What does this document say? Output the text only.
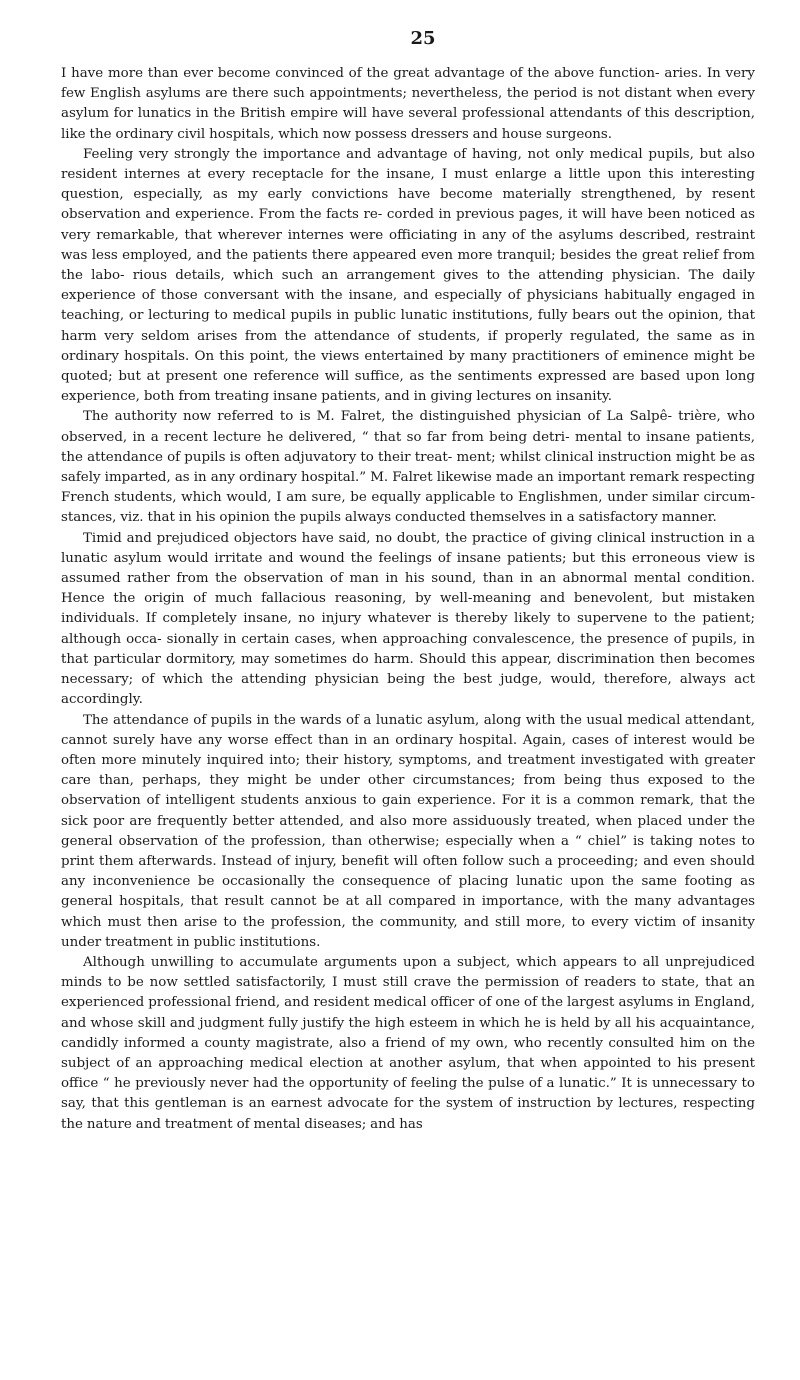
25

I have more than ever become convinced of the great advantage of the above function- aries. In very few English asylums are there such appointments; nevertheless, the period is not distant when every asylum for lunatics in the British empire will have several professional attendants of this description, like the ordinary civil hospitals, which now possess dressers and house surgeons.

Feeling very strongly the importance and advantage of having, not only medical pupils, but also resident internes at every receptacle for the insane, I must enlarge a little upon this interesting question, especially, as my early convictions have become materially strengthened, by resent observation and experience. From the facts re- corded in previous pages, it will have been noticed as very remarkable, that wherever internes were officiating in any of the asylums described, restraint was less employed, and the patients there appeared even more tranquil; besides the great relief from the labo- rious details, which such an arrangement gives to the attending physician. The daily experience of those conversant with the insane, and especially of physicians habitually engaged in teaching, or lecturing to medical pupils in public lunatic institutions, fully bears out the opinion, that harm very seldom arises from the attendance of students, if properly regulated, the same as in ordinary hospitals. On this point, the views entertained by many practitioners of eminence might be quoted; but at present one reference will suffice, as the sentiments expressed are based upon long experience, both from treating insane patients, and in giving lectures on insanity.

The authority now referred to is M. Falret, the distinguished physician of La Salpê- trière, who observed, in a recent lecture he delivered, “ that so far from being detri- mental to insane patients, the attendance of pupils is often adjuvatory to their treat- ment; whilst clinical instruction might be as safely imparted, as in any ordinary hospital.” M. Falret likewise made an important remark respecting French students, which would, I am sure, be equally applicable to Englishmen, under similar circum- stances, viz. that in his opinion the pupils always conducted themselves in a satisfactory manner.

Timid and prejudiced objectors have said, no doubt, the practice of giving clinical instruction in a lunatic asylum would irritate and wound the feelings of insane patients; but this erroneous view is assumed rather from the observation of man in his sound, than in an abnormal mental condition. Hence the origin of much fallacious reasoning, by well-meaning and benevolent, but mistaken individuals. If completely insane, no injury whatever is thereby likely to supervene to the patient; although occa- sionally in certain cases, when approaching convalescence, the presence of pupils, in that particular dormitory, may sometimes do harm. Should this appear, discrimination then becomes necessary; of which the attending physician being the best judge, would, therefore, always act accordingly.

The attendance of pupils in the wards of a lunatic asylum, along with the usual medical attendant, cannot surely have any worse effect than in an ordinary hospital. Again, cases of interest would be often more minutely inquired into; their history, symptoms, and treatment investigated with greater care than, perhaps, they might be under other circumstances; from being thus exposed to the observation of intelligent students anxious to gain experience. For it is a common remark, that the sick poor are frequently better attended, and also more assiduously treated, when placed under the general observation of the profession, than otherwise; especially when a “ chiel” is taking notes to print them afterwards. Instead of injury, benefit will often follow such a proceeding; and even should any inconvenience be occasionally the consequence of placing lunatic upon the same footing as general hospitals, that result cannot be at all compared in importance, with the many advantages which must then arise to the profession, the community, and still more, to every victim of insanity under treatment in public institutions.

Although unwilling to accumulate arguments upon a subject, which appears to all unprejudiced minds to be now settled satisfactorily, I must still crave the permission of readers to state, that an experienced professional friend, and resident medical officer of one of the largest asylums in England, and whose skill and judgment fully justify the high esteem in which he is held by all his acquaintance, candidly informed a county magistrate, also a friend of my own, who recently consulted him on the subject of an approaching medical election at another asylum, that when appointed to his present office “ he previously never had the opportunity of feeling the pulse of a lunatic.” It is unnecessary to say, that this gentleman is an earnest advocate for the system of instruction by lectures, respecting the nature and treatment of mental diseases; and has
